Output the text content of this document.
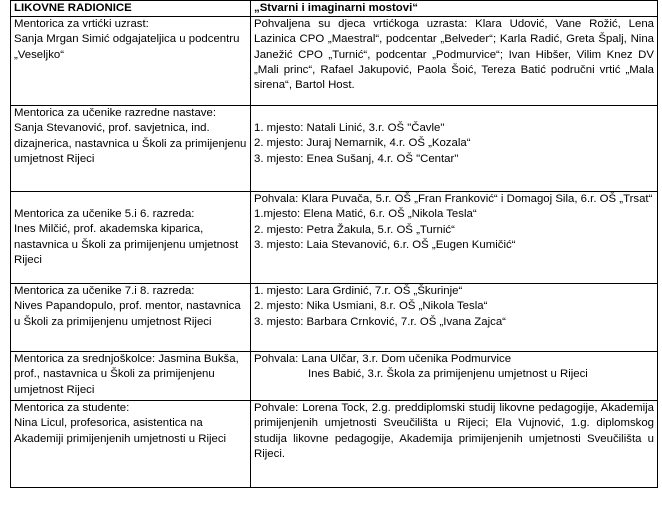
LIKOVNE RADIONICE	„Stvarni i imaginarni mostovi“

Mentorica za vrtićki uzrast:
Sanja Mrgan Simić odgajateljica u podcentru „Veseljko“	Pohvaljena su djeca vrtićkoga uzrasta: Klara Udović, Vane Rožić, Lena Lazinica CPO „Maestral“, podcentar „Belveder“; Karla Radić, Greta Špalj, Nina Janežić CPO „Turnić“, podcentar „Podmurvice“; Ivan Hibšer, Vilim Knez DV „Mali princ“, Rafael Jakupović, Paola Šoić, Tereza Batić područni vrtić „Mala sirena“, Bartol Host.

Mentorica za učenike razredne nastave: Sanja Stevanović, prof. savjetnica, ind. dizajnerica, nastavnica u Školi za primijenjenu umjetnost Rijeci	1. mjesto: Natali Linić, 3.r. OŠ "Čavle"
2. mjesto: Juraj Nemarnik, 4.r. OŠ „Kozala“
3. mjesto: Enea Sušanj, 4.r. OŠ "Centar"

Mentorica za učenike 5.i 6. razreda:
Ines Milčić, prof. akademska kiparica, nastavnica u Školi za primijenjenu umjetnost Rijeci	Pohvala: Klara Puvača, 5.r. OŠ „Fran Franković“ i Domagoj Sila, 6.r. OŠ „Trsat“
1.mjesto: Elena Matić, 6.r. OŠ „Nikola Tesla“
2. mjesto: Petra Žakula, 5.r. OŠ „Turnić“
3. mjesto: Laia Stevanović, 6.r. OŠ „Eugen Kumičić“

Mentorica za učenike 7.i 8. razreda:
Nives Papandopulo, prof. mentor, nastavnica u Školi za primijenjenu umjetnost Rijeci	1. mjesto: Lara Grdinić, 7.r. OŠ „Škurinje“
2. mjesto: Nika Usmiani, 8.r. OŠ „Nikola Tesla“
3. mjesto: Barbara Crnković, 7.r. OŠ „Ivana Zajca“

Mentorica za srednjoškolce: Jasmina Bukša, prof., nastavnica u Školi za primijenjenu umjetnost Rijeci	Pohvala: Lana Ulčar, 3.r. Dom učenika Podmurvice
Ines Babić, 3.r. Škola za primijenjenu umjetnost u Rijeci

Mentorica za studente:
Nina Licul, profesorica, asistentica na Akademiji primijenjenih umjetnosti u Rijeci	Pohvale: Lorena Tock, 2.g. preddiplomski studij likovne pedagogije, Akademija primijenjenih umjetnosti Sveučilišta u Rijeci; Ela Vujnović, 1.g. diplomskog studija likovne pedagogije, Akademija primijenjenih umjetnosti Sveučilišta u Rijeci.
